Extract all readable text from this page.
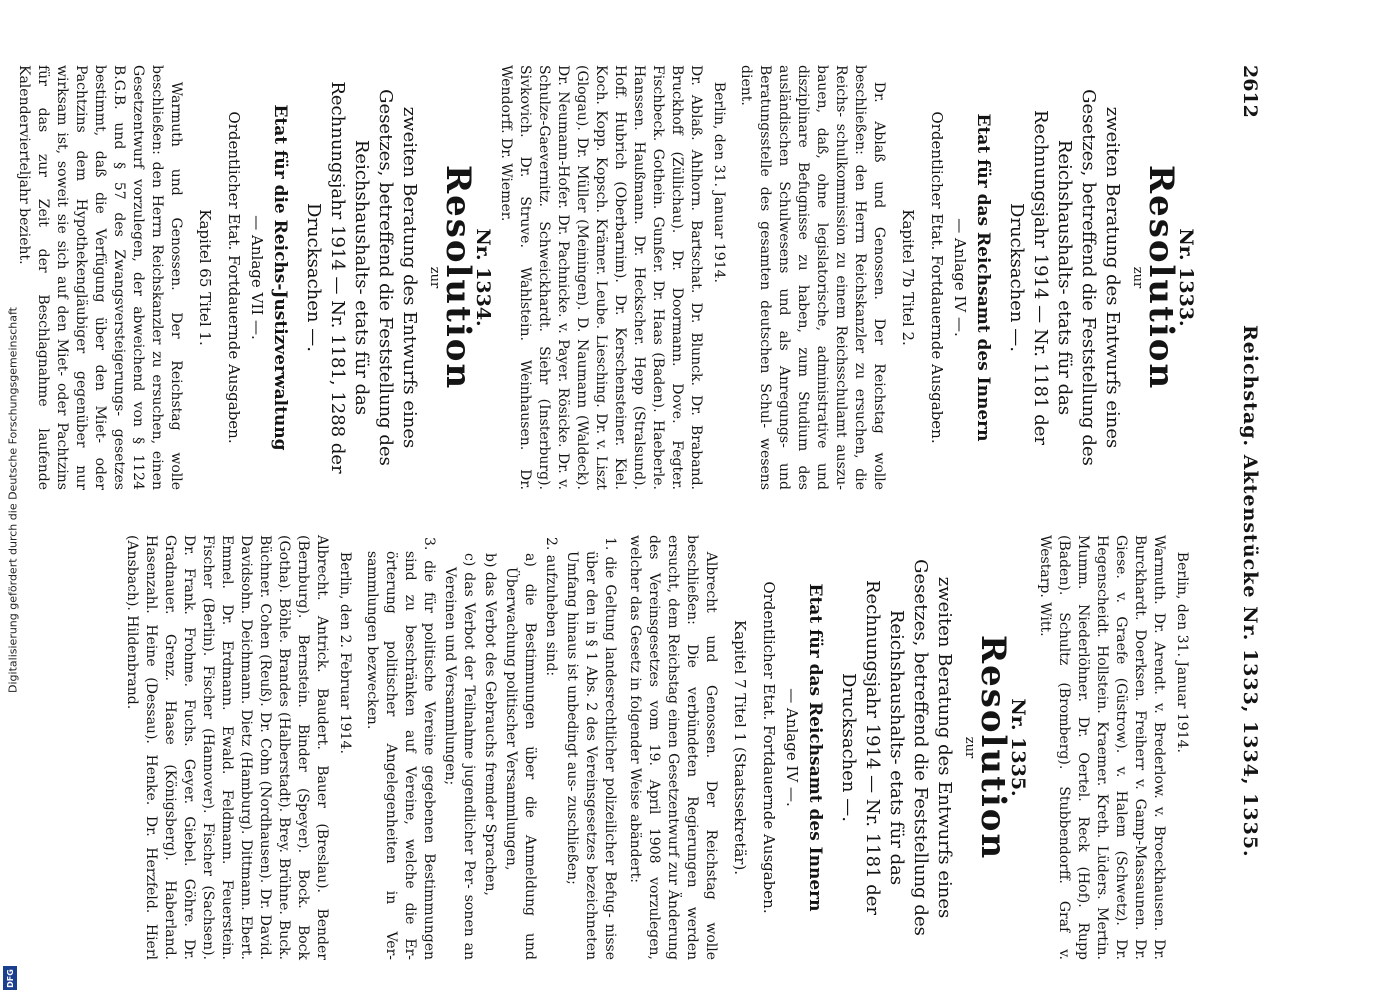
Digitalisierung gefördert durch die Deutsche Forschungsgemeinschaft
DFG
2612
Reichstag. Aktenstücke Nr. 1333, 1334, 1335.
Nr. 1333.
Resolution
zur
zweiten Beratung des Entwurfs eines Gesetzes, betreffend die Feststellung des Reichshaushalts- etats für das Rechnungsjahr 1914 — Nr. 1181 der Drucksachen —.
Etat für das Reichsamt des Innern
— Anlage IV —.
Ordentlicher Etat. Fortdauernde Ausgaben.
Kapitel 7b Titel 2.
Dr. Ablaß und Genossen. Der Reichstag wolle beschließen: den Herrn Reichskanzler zu ersuchen, die Reichs- schulkommission zu einem Reichsschulamt auszu- bauen, daß, ohne legislatorische, administrative und disziplinare Befugnisse zu haben, zum Studium des ausländischen Schulwesens und als Anregungs- und Beratungsstelle des gesamten deutschen Schul- wesens dient.
Berlin, den 31. Januar 1914.
Dr. Ablaß. Ahlhorn. Bartschat. Dr. Blunck. Dr. Braband. Bruckhoff (Züllichau). Dr. Doormann. Dove. Fegter. Fischbeck. Gothein. Gunßer. Dr. Haas (Baden). Haeberle. Hanssen. Haußmann. Dr. Heckscher. Hepp (Stralsund). Hoff. Hubrich (Oberbarnim). Dr. Kerschensteiner. Kiel. Koch. Kopp. Kopsch. Krämer. Leube. Liesching. Dr. v. Liszt (Glogau). Dr. Müller (Meiningen). D. Naumann (Waldeck). Dr. Neumann-Hofer. Dr. Pachnicke. v. Payer. Rösicke. Dr. v. Schulze-Gaevernitz. Schweickhardt. Siehr (Insterburg). Sivkovich. Dr. Struve. Wahlstein. Weinhausen. Dr. Wendorff. Dr. Wiemer.
Nr. 1334.
Resolution
zur
zweiten Beratung des Entwurfs eines Gesetzes, betreffend die Feststellung des Reichshaushalts- etats für das Rechnungsjahr 1914 — Nr. 1181, 1288 der Drucksachen —.
Etat für die Reichs-Justizverwaltung
— Anlage VII —.
Ordentlicher Etat. Fortdauernde Ausgaben.
Kapitel 65 Titel 1.
Warmuth und Genossen. Der Reichstag wolle beschließen: den Herrn Reichskanzler zu ersuchen, einen Gesetzentwurf vorzulegen, der abweichend von § 1124 B.G.B. und § 57 des Zwangsversteigerungs- gesetzes bestimmt, daß die Verfügung über den Miet- oder Pachtzins dem Hypothekengläubiger gegenüber nur wirksam ist, soweit sie sich auf den Miet- oder Pachtzins für das zur Zeit der Beschlagnahme laufende Kalendervierteljahr bezieht.
Berlin, den 31. Januar 1914.
Warmuth. Dr. Arendt. v. Brederlow. v. Broeckhausen. Dr. Burckhardt. Doerksen. Freiherr v. Gamp-Massaunen. Dr. Giese. v. Graefe (Güstrow). v. Halem (Schwetz). Dr. Hegenscheidt. Hollstein. Kraemer. Kreth. Lüders. Mertin. Mumm. Niederlöhner. Dr. Oertel. Reck (Hof). Rupp (Baden). Schultz (Bromberg). Stubbendorff. Graf v. Westarp. Witt.
Nr. 1335.
Resolution
zur
zweiten Beratung des Entwurfs eines Gesetzes, betreffend die Feststellung des Reichshaushalts- etats für das Rechnungsjahr 1914 — Nr. 1181 der Drucksachen —.
Etat für das Reichsamt des Innern
— Anlage IV —.
Ordentlicher Etat. Fortdauernde Ausgaben.
Kapitel 7 Titel 1 (Staatssekretär).
Albrecht und Genossen. Der Reichstag wolle beschließen: Die verbündeten Regierungen werden ersucht, dem Reichstag einen Gesetzentwurf zur Änderung des Vereinsgesetzes vom 19. April 1908 vorzulegen, welcher das Gesetz in folgender Weise abändert:
1. die Geltung landesrechtlicher polizeilicher Befug- nisse über den in § 1 Abs. 2 des Vereinsgesetzes bezeichneten Umfang hinaus ist unbedingt aus- zuschließen;
2. aufzuheben sind:
a) die Bestimmungen über die Anmeldung und Überwachung politischer Versammlungen,
b) das Verbot des Gebrauchs fremder Sprachen,
c) das Verbot der Teilnahme jugendlicher Per- sonen an Vereinen und Versammlungen;
3. die für politische Vereine gegebenen Bestimmungen sind zu beschränken auf Vereine, welche die Er- örterung politischer Angelegenheiten in Ver- sammlungen bezwecken.
Berlin, den 2. Februar 1914.
Albrecht. Antrick. Baudert. Bauer (Breslau). Bender (Bernburg). Bernstein. Binder (Speyer). Bock. Bock (Gotha). Böhle. Brandes (Halberstadt). Brey. Brühne. Buck. Büchner. Cohen (Reuß). Dr. Cohn (Nordhausen). Dr. David. Davidsohn. Deichmann. Dietz (Hamburg). Dittmann. Ebert. Emmel. Dr. Erdmann. Ewald. Feldmann. Feuerstein. Fischer (Berlin). Fischer (Hannover). Fischer (Sachsen). Dr. Frank. Frohme. Fuchs. Geyer. Giebel. Göhre. Dr. Gradnauer. Grenz. Haase (Königsberg). Haberland. Hasenzahl. Heine (Dessau). Henke. Dr. Herzfeld. Hierl (Ansbach). Hildenbrand.
